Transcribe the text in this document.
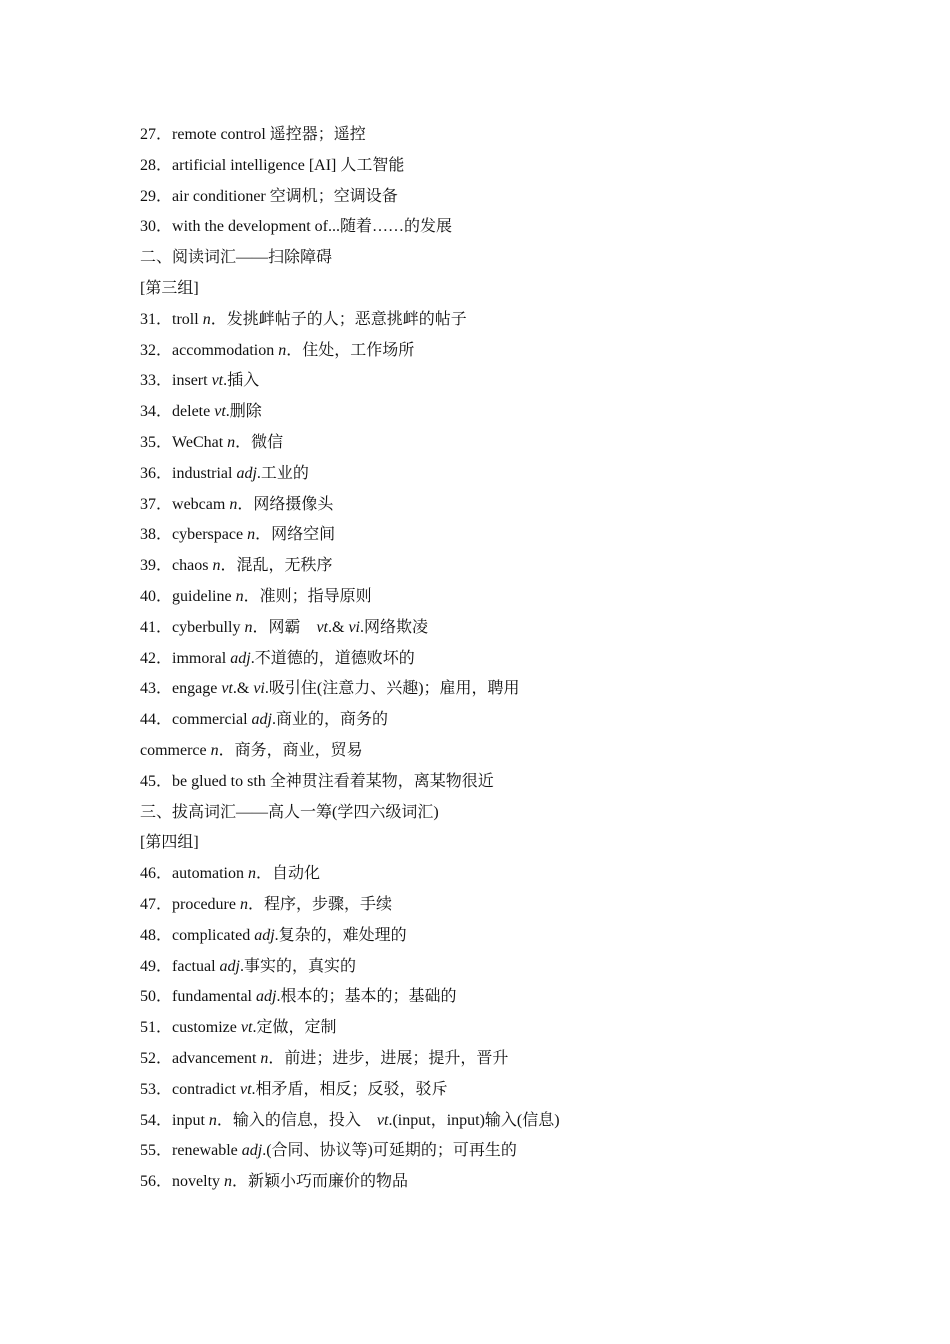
27．remote control 遥控器；遥控
28．artificial intelligence [AI] 人工智能
29．air conditioner 空调机；空调设备
30．with the development of...随着……的发展
二、阅读词汇——扫除障碍
[第三组]
31．troll n．发挑衅帖子的人；恶意挑衅的帖子
32．accommodation n．住处，工作场所
33．insert vt.插入
34．delete vt.删除
35．WeChat n．微信
36．industrial adj.工业的
37．webcam n．网络摄像头
38．cyberspace n．网络空间
39．chaos n．混乱，无秩序
40．guideline n．准则；指导原则
41．cyberbully n．网霸　vt.& vi.网络欺凌
42．immoral adj.不道德的，道德败坏的
43．engage vt.& vi.吸引住(注意力、兴趣)；雇用，聘用
44．commercial adj.商业的，商务的
commerce n．商务，商业，贸易
45．be glued to sth 全神贯注看着某物，离某物很近
三、拔高词汇——高人一筹(学四六级词汇)
[第四组]
46．automation n．自动化
47．procedure n．程序，步骤，手续
48．complicated adj.复杂的，难处理的
49．factual adj.事实的，真实的
50．fundamental adj.根本的；基本的；基础的
51．customize vt.定做，定制
52．advancement n．前进；进步，进展；提升，晋升
53．contradict vt.相矛盾，相反；反驳，驳斥
54．input n．输入的信息，投入　vt.(input，input)输入(信息)
55．renewable adj.(合同、协议等)可延期的；可再生的
56．novelty n．新颖小巧而廉价的物品
